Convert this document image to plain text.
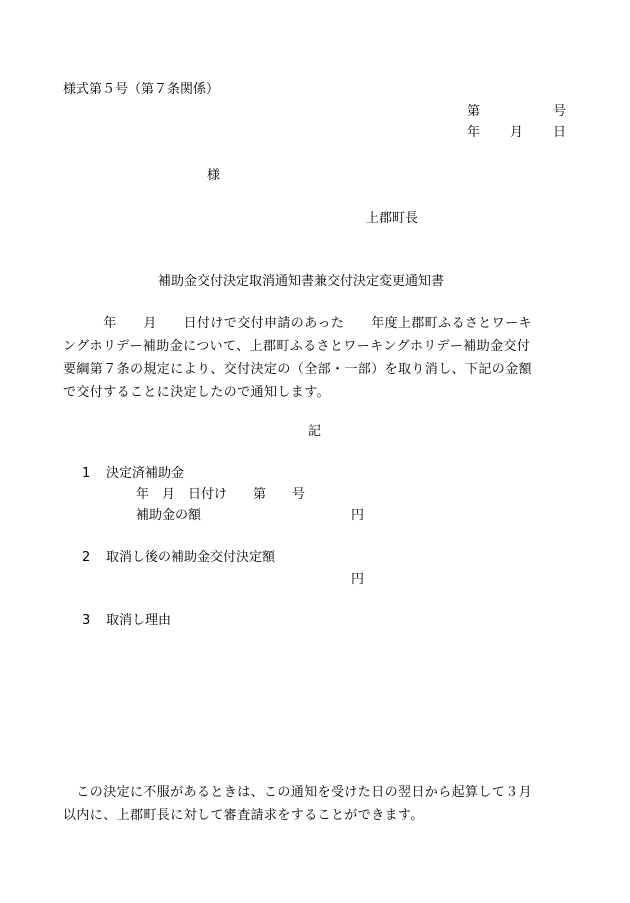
様式第５号（第７条関係）
第	号
年 月 日
様
上郡町長
補助金交付決定取消通知書兼交付決定変更通知書
　　　年　　月　　日付けで交付申請のあった　　年度上郡町ふるさとワーキ
ングホリデー補助金について、上郡町ふるさとワーキングホリデー補助金交付
要綱第７条の規定により、交付決定の（全部・一部）を取り消し、下記の金額
で交付することに決定したので通知します。
記
1 決定済補助金
年　月　日付け　　第　　号
補助金の額	円
2 取消し後の補助金交付決定額
円
3 取消し理由
　この決定に不服があるときは、この通知を受けた日の翌日から起算して３月
以内に、上郡町長に対して審査請求をすることができます。
